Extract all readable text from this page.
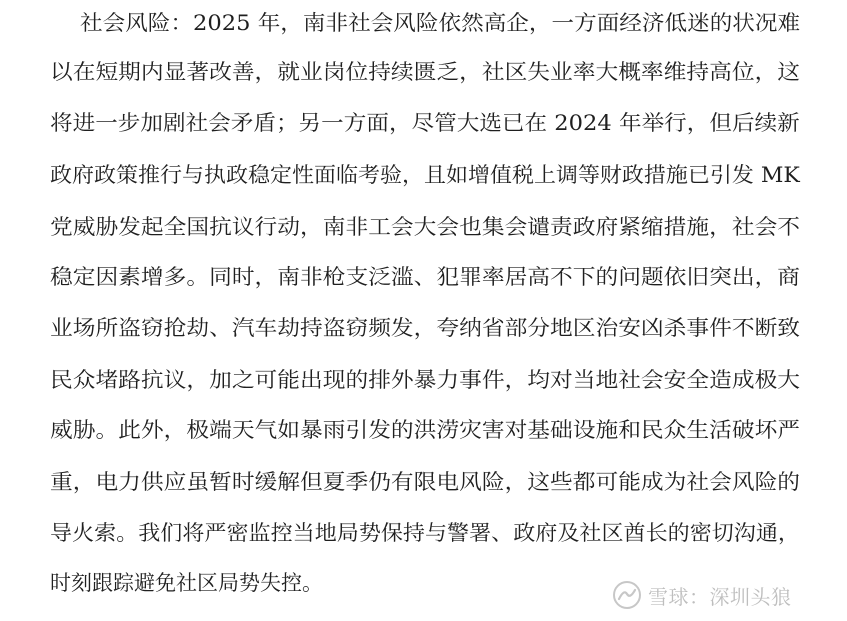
社会风险：2025 年，南非社会风险依然高企，一方面经济低迷的状况难

以在短期内显著改善，就业岗位持续匮乏，社区失业率大概率维持高位，这

将进一步加剧社会矛盾；另一方面，尽管大选已在 2024 年举行，但后续新

政府政策推行与执政稳定性面临考验，且如增值税上调等财政措施已引发 MK

党威胁发起全国抗议行动，南非工会大会也集会谴责政府紧缩措施，社会不

稳定因素增多。同时，南非枪支泛滥、犯罪率居高不下的问题依旧突出，商

业场所盗窃抢劫、汽车劫持盗窃频发，夸纳省部分地区治安凶杀事件不断致

民众堵路抗议，加之可能出现的排外暴力事件，均对当地社会安全造成极大

威胁。此外，极端天气如暴雨引发的洪涝灾害对基础设施和民众生活破坏严

重，电力供应虽暂时缓解但夏季仍有限电风险，这些都可能成为社会风险的

导火索。我们将严密监控当地局势保持与警署、政府及社区酋长的密切沟通，

时刻跟踪避免社区局势失控。

雪球：深圳头狼
